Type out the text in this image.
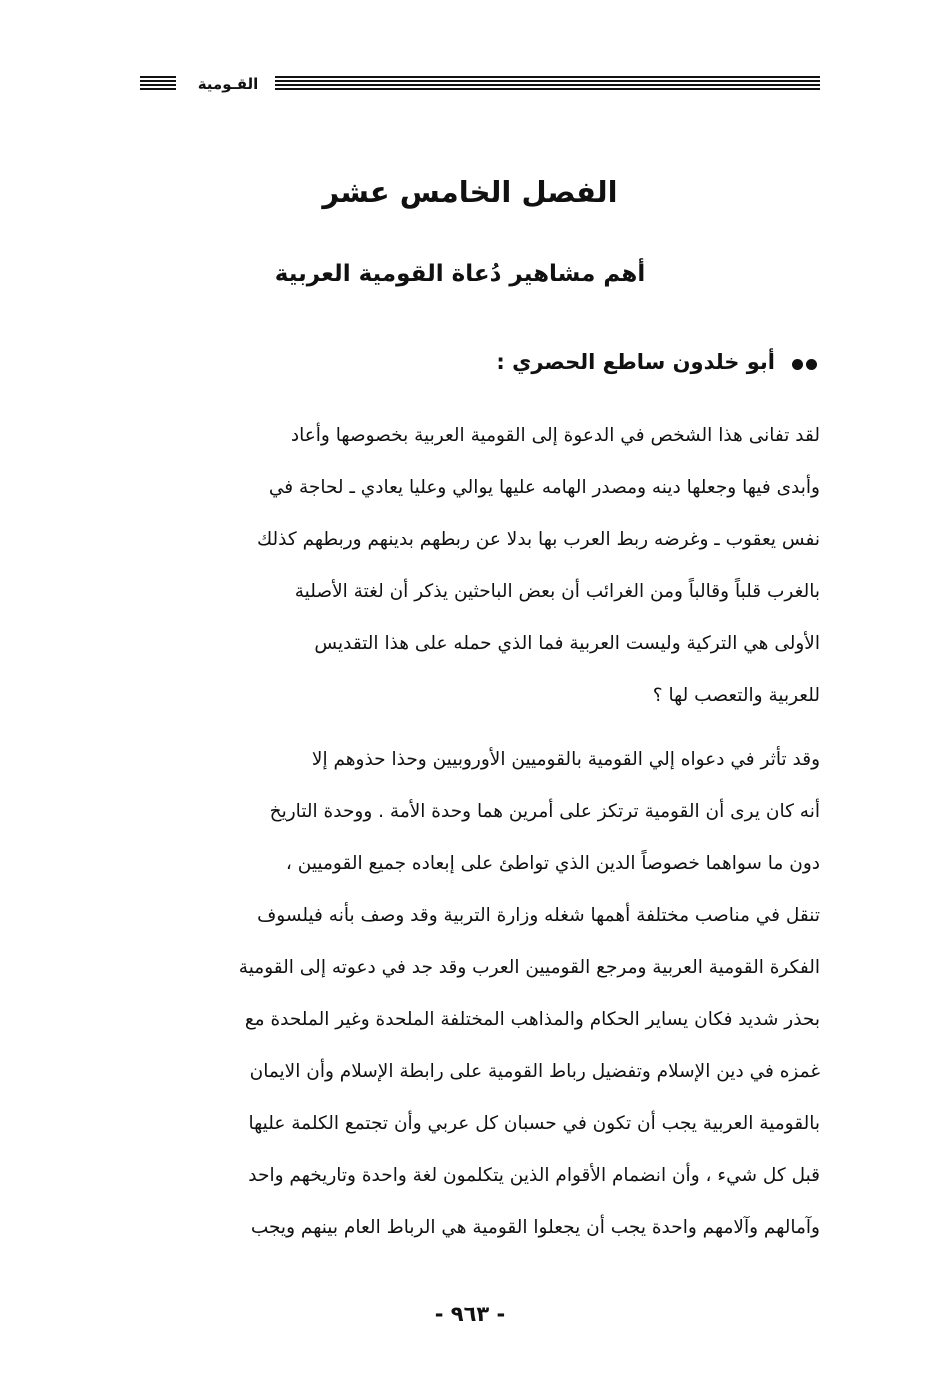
القـومية
الفصل الخامس عشر
أهم مشاهير دُعاة القومية العربية
أبو خلدون ساطع الحصري :
لقد تفانى هذا الشخص في الدعوة إلى القومية العربية بخصوصها وأعاد
وأبدى فيها وجعلها دينه ومصدر الهامه عليها يوالي وعليا يعادي ـ لحاجة في
نفس يعقوب ـ وغرضه ربط العرب بها بدلا عن ربطهم بدينهم وربطهم كذلك
بالغرب قلباً وقالباً ومن الغرائب أن بعض الباحثين يذكر أن لغتة الأصلية
الأولى هي التركية وليست العربية فما الذي حمله على هذا التقديس
للعربية والتعصب لها ؟
وقد تأثر في دعواه إلي القومية بالقوميين الأوروبيين وحذا حذوهم إلا
أنه كان يرى أن القومية ترتكز على أمرين هما وحدة الأمة . ووحدة التاريخ
دون ما سواهما خصوصاً الدين الذي تواطئ على إبعاده جميع القوميين ،
تنقل في مناصب مختلفة أهمها شغله وزارة التربية وقد وصف بأنه فيلسوف
الفكرة القومية العربية ومرجع القوميين العرب وقد جد في دعوته إلى القومية
بحذر شديد فكان يساير الحكام والمذاهب المختلفة الملحدة وغير الملحدة مع
غمزه في دين الإسلام وتفضيل رباط القومية على رابطة الإسلام وأن الايمان
بالقومية العربية يجب أن تكون في حسبان كل عربي وأن تجتمع الكلمة عليها
قبل كل شيء ، وأن انضمام الأقوام الذين يتكلمون لغة واحدة وتاريخهم واحد
وآمالهم وآلامهم واحدة يجب أن يجعلوا القومية هي الرباط العام بينهم ويجب
- ٩٦٣ -
